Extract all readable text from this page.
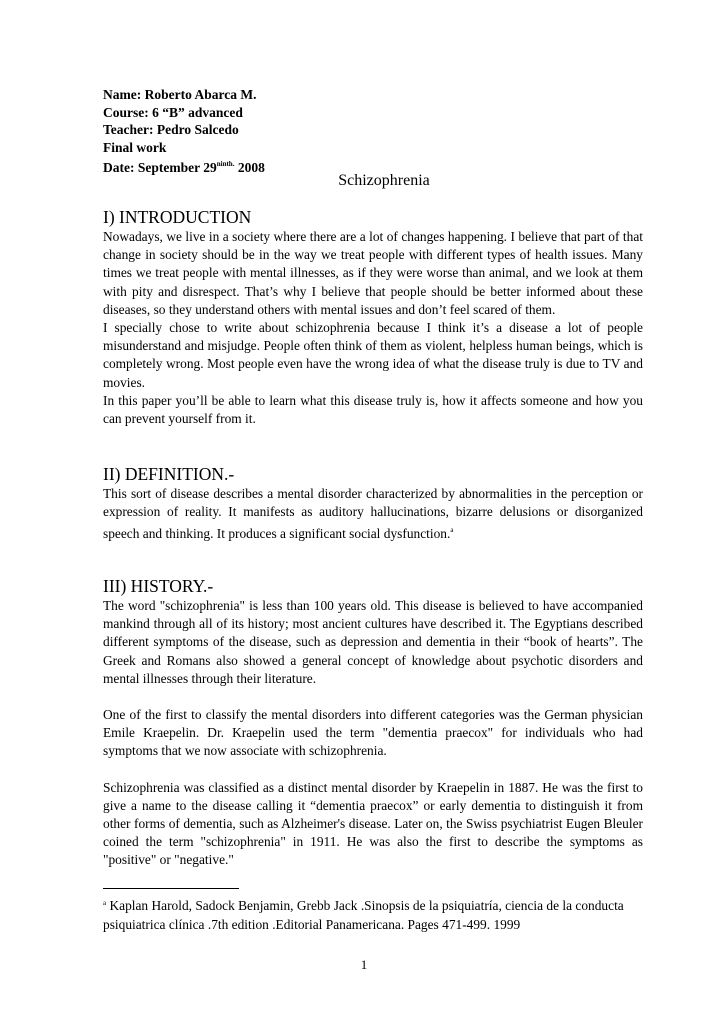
Name: Roberto Abarca M.
Course: 6 “B” advanced
Teacher: Pedro Salcedo
Final work
Date: September $29^{ninth.}$ 2008
Schizophrenia
I) INTRODUCTION

Nowadays, we live in a society where there are a lot of changes happening. I believe that part of that change in society should be in the way we treat people with different types of health issues. Many times we treat people with mental illnesses, as if they were worse than animal, and we look at them with pity and disrespect. That’s why I believe that people should be better informed about these diseases, so they understand others with mental issues and don’t feel scared of them.

I specially chose to write about schizophrenia because I think it’s a disease a lot of people misunderstand and misjudge. People often think of them as violent, helpless human beings, which is completely wrong. Most people even have the wrong idea of what the disease truly is due to TV and movies.

In this paper you’ll be able to learn what this disease truly is, how it affects someone and how you can prevent yourself from it.

II) DEFINITION.-

This sort of disease describes a mental disorder characterized by abnormalities in the perception or expression of reality. It manifests as auditory hallucinations, bizarre delusions or disorganized speech and thinking. It produces a significant social dysfunction.$^a$

III) HISTORY.-

The word "schizophrenia" is less than 100 years old. This disease is believed to have accompanied mankind through all of its history; most ancient cultures have described it. The Egyptians described different symptoms of the disease, such as depression and dementia in their “book of hearts”. The Greek and Romans also showed a general concept of knowledge about psychotic disorders and mental illnesses through their literature.

One of the first to classify the mental disorders into different categories was the German physician Emile Kraepelin. Dr. Kraepelin used the term "dementia praecox" for individuals who had symptoms that we now associate with schizophrenia.

Schizophrenia was classified as a distinct mental disorder by Kraepelin in 1887. He was the first to give a name to the disease calling it “dementia praecox” or early dementia to distinguish it from other forms of dementia, such as Alzheimer's disease. Later on, the Swiss psychiatrist Eugen Bleuler coined the term "schizophrenia" in 1911. He was also the first to describe the symptoms as "positive" or "negative."

$^a$ Kaplan Harold, Sadock Benjamin, Grebb Jack .Sinopsis de la psiquiatría, ciencia de la conducta psiquiatrica clínica .7th edition .Editorial Panamericana. Pages 471-499. 1999
1
